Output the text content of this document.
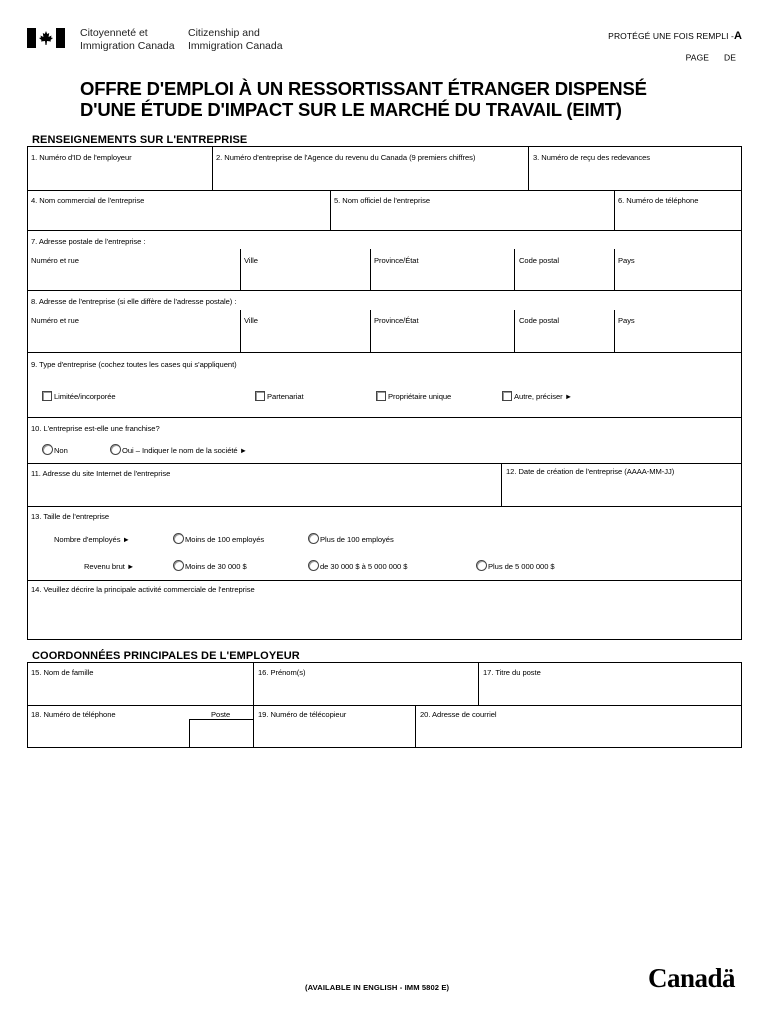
Citoyenneté et
Immigration Canada
Citizenship and
Immigration Canada
PROTÉGÉ UNE FOIS REMPLI -A
PAGE DE
OFFRE D'EMPLOI À UN RESSORTISSANT ÉTRANGER DISPENSÉ
D'UNE ÉTUDE D'IMPACT SUR LE MARCHÉ DU TRAVAIL (EIMT)
RENSEIGNEMENTS SUR L'ENTREPRISE
1. Numéro d'ID de l'employeur	2. Numéro d'entreprise de l'Agence du revenu du Canada (9 premiers chiffres)	3. Numéro de reçu des redevances
4. Nom commercial de l'entreprise	5. Nom officiel de l'entreprise	6. Numéro de téléphone
7. Adresse postale de l'entreprise :
Numéro et rue	Ville	Province/État	Code postal	Pays
8. Adresse de l'entreprise (si elle diffère de l'adresse postale) :
Numéro et rue	Ville	Province/État	Code postal	Pays
9. Type d'entreprise (cochez toutes les cases qui s'appliquent)
Limitée/incorporée	Partenariat	Propriétaire unique	Autre, préciser ►
10. L'entreprise est-elle une franchise?
Non	Oui – Indiquer le nom de la société ►
11. Adresse du site Internet de l'entreprise	12. Date de création de l'entreprise (AAAA-MM-JJ)
13. Taille de l'entreprise
Nombre d'employés ►	Moins de 100 employés	Plus de 100 employés
Revenu brut ►	Moins de 30 000 $	de 30 000 $ à 5 000 000 $	Plus de 5 000 000 $
14. Veuillez décrire la principale activité commerciale de l'entreprise
COORDONNÉES PRINCIPALES DE L'EMPLOYEUR
15. Nom de famille	16. Prénom(s)	17. Titre du poste
18. Numéro de téléphone	Poste	19. Numéro de télécopieur	20. Adresse de courriel
(AVAILABLE IN ENGLISH - IMM 5802 E)	Canadä
